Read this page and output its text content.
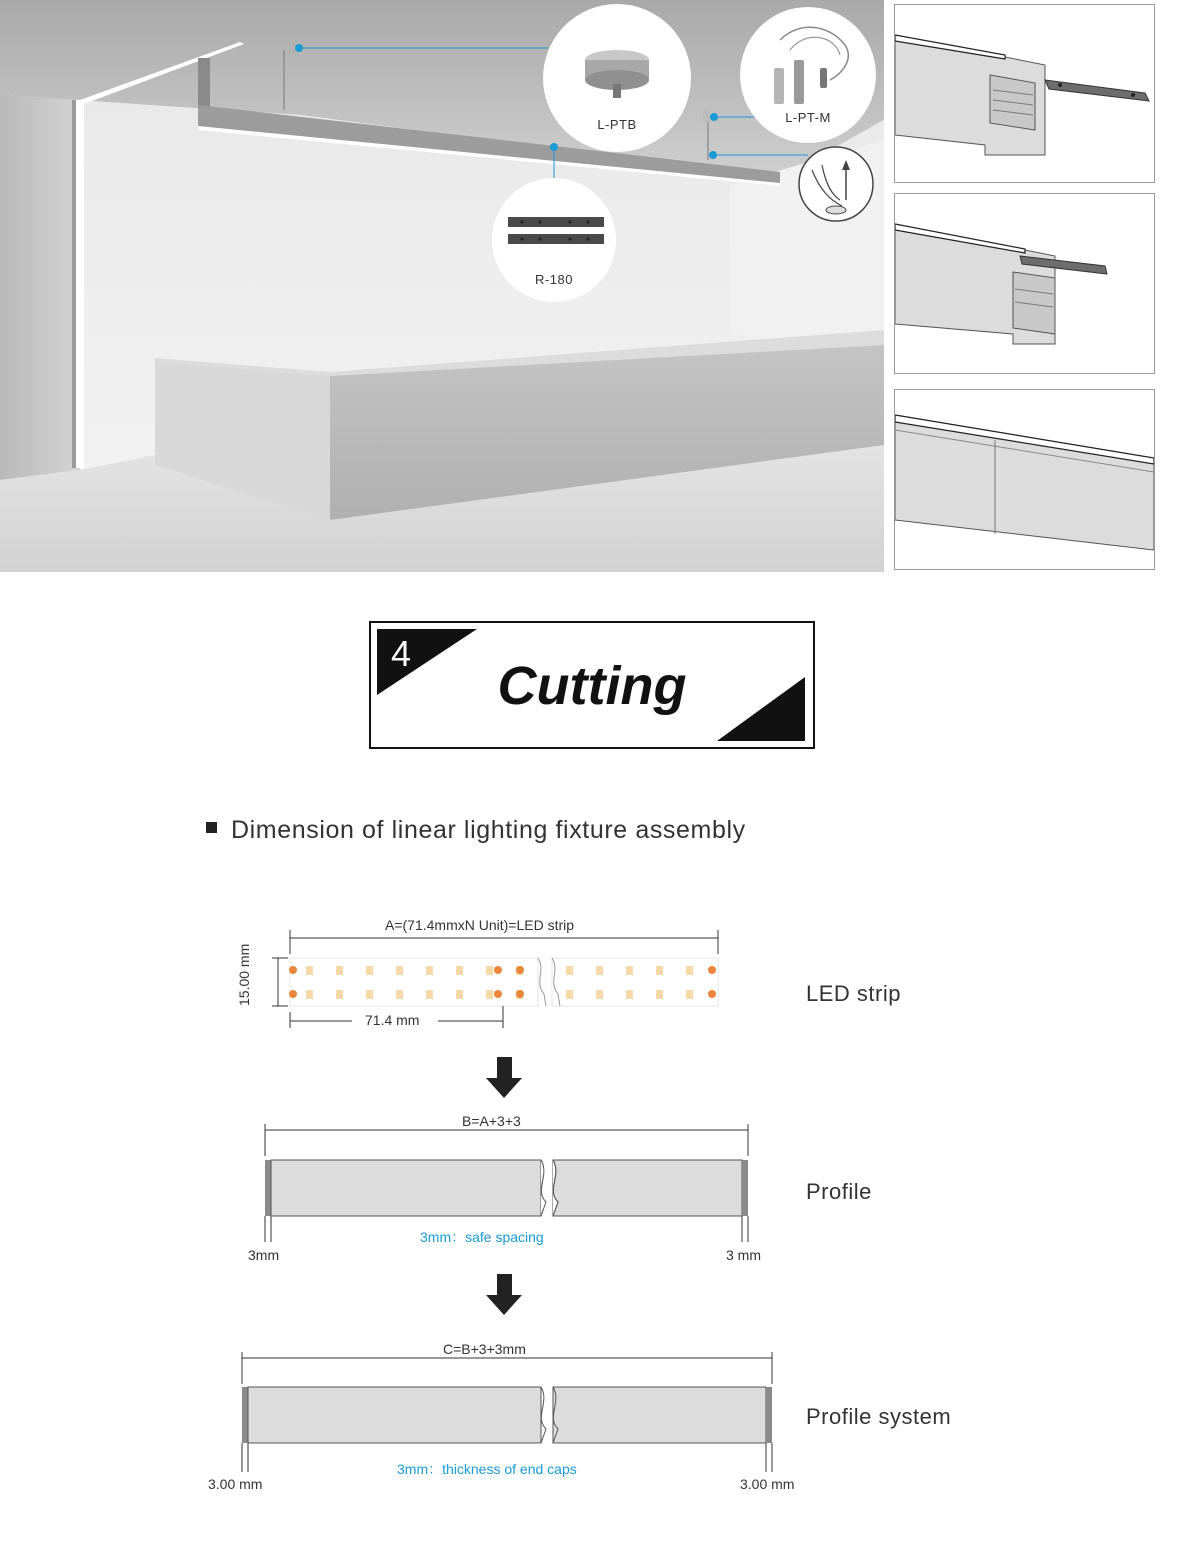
L-PTB	L-PT-M
R-180
4
Cutting
Dimension of linear lighting fixture assembly
A=(71.4mmxN Unit)=LED strip
15.00 mm
71.4 mm
LED strip
B=A+3+3
3mm：safe spacing
3mm	3 mm
Profile
C=B+3+3mm
3mm：thickness of end caps
3.00 mm	3.00 mm
Profile system
